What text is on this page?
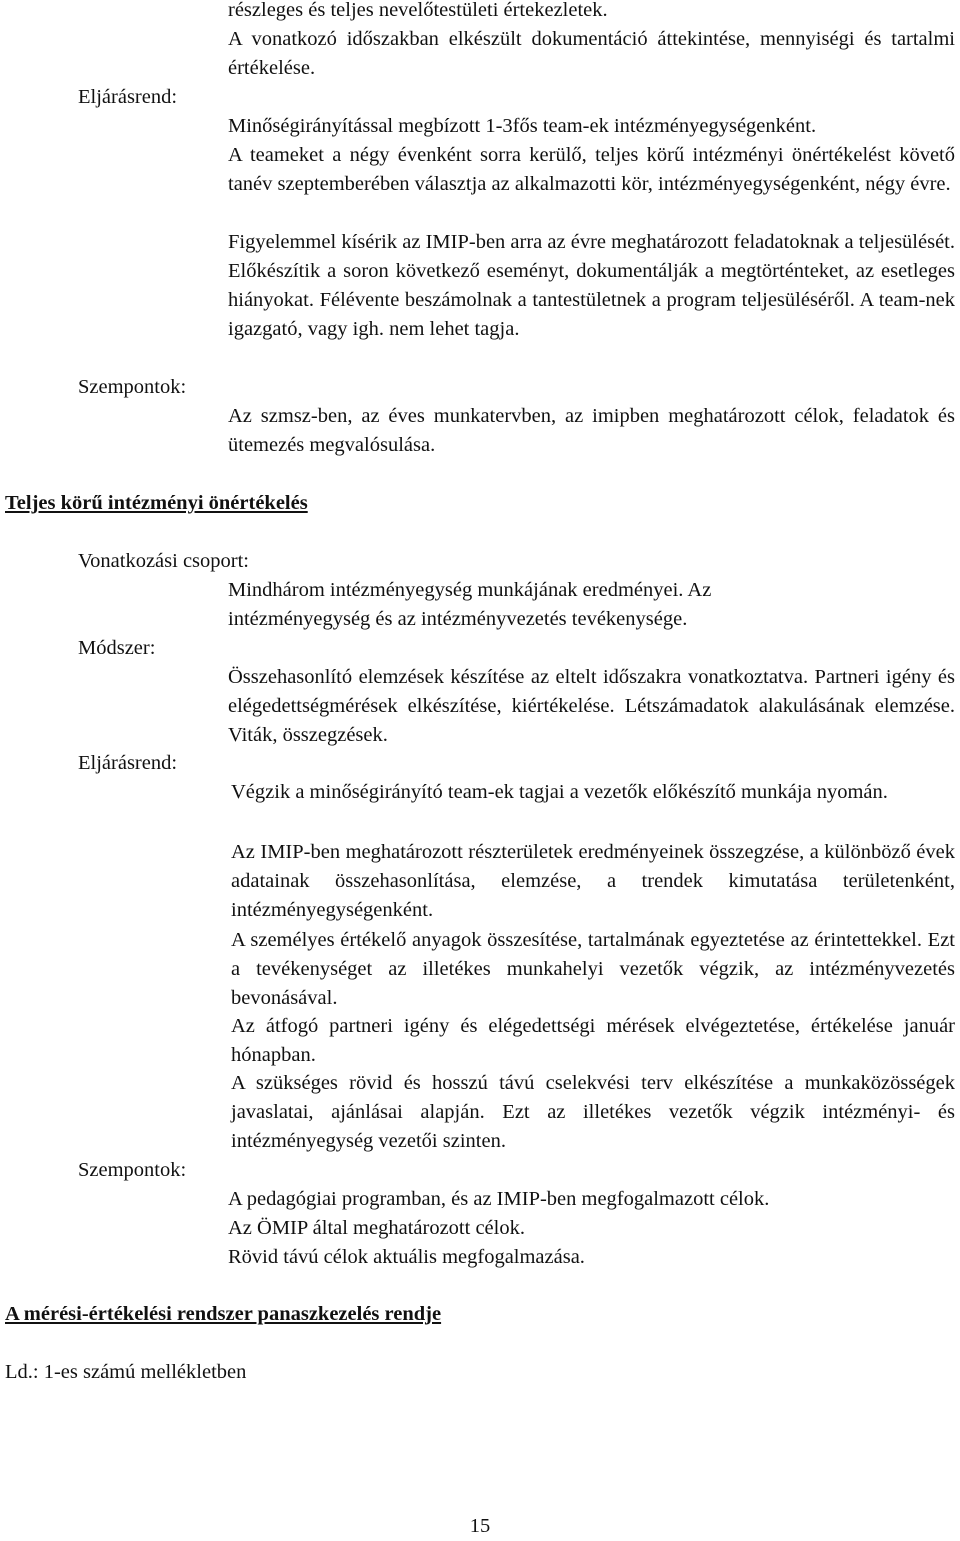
részleges és teljes nevelőtestületi értekezletek.

A vonatkozó időszakban elkészült dokumentáció áttekintése, mennyiségi és tartalmi értékelése.

Eljárásrend:
Minőségirányítással megbízott 1-3fős team-ek intézményegységenként.

A teameket a négy évenként sorra kerülő, teljes körű intézményi önértékelést követő tanév szeptemberében választja az alkalmazotti kör, intézményegységenként, négy évre.

Figyelemmel kísérik az IMIP-ben arra az évre meghatározott feladatoknak a teljesülését. Előkészítik a soron következő eseményt, dokumentálják a megtörténteket, az esetleges hiányokat. Félévente beszámolnak a tantestületnek a program teljesüléséről. A team-nek igazgató, vagy igh. nem lehet tagja.

Szempontok:

Az szmsz-ben, az éves munkatervben, az imipben meghatározott célok, feladatok és ütemezés megvalósulása.

Teljes körű intézményi önértékelés
Vonatkozási csoport:

Mindhárom intézményegység munkájának eredményei. Az intézményegység és az intézményvezetés tevékenysége.

Módszer:

Összehasonlító elemzések készítése az eltelt időszakra vonatkoztatva. Partneri igény és elégedettségmérések elkészítése, kiértékelése. Létszámadatok alakulásának elemzése. Viták, összegzések.

Eljárásrend:

Végzik a minőségirányító team-ek tagjai a vezetők előkészítő munkája nyomán.

Az IMIP-ben meghatározott részterületek eredményeinek összegzése, a különböző évek adatainak összehasonlítása, elemzése, a trendek kimutatása területenként, intézményegységenként.

A személyes értékelő anyagok összesítése, tartalmának egyeztetése az érintettekkel. Ezt a tevékenységet az illetékes munkahelyi vezetők végzik, az intézményvezetés bevonásával.

Az átfogó partneri igény és elégedettségi mérések elvégeztetése, értékelése január hónapban.

A szükséges rövid és hosszú távú cselekvési terv elkészítése a munkaközösségek javaslatai, ajánlásai alapján. Ezt az illetékes vezetők végzik intézményi- és intézményegység vezetői szinten.

Szempontok:
A pedagógiai programban, és az IMIP-ben megfogalmazott célok.
Az ÖMIP által meghatározott célok.
Rövid távú célok aktuális megfogalmazása.
A mérési-értékelési rendszer panaszkezelés rendje
Ld.: 1-es számú mellékletben
15
